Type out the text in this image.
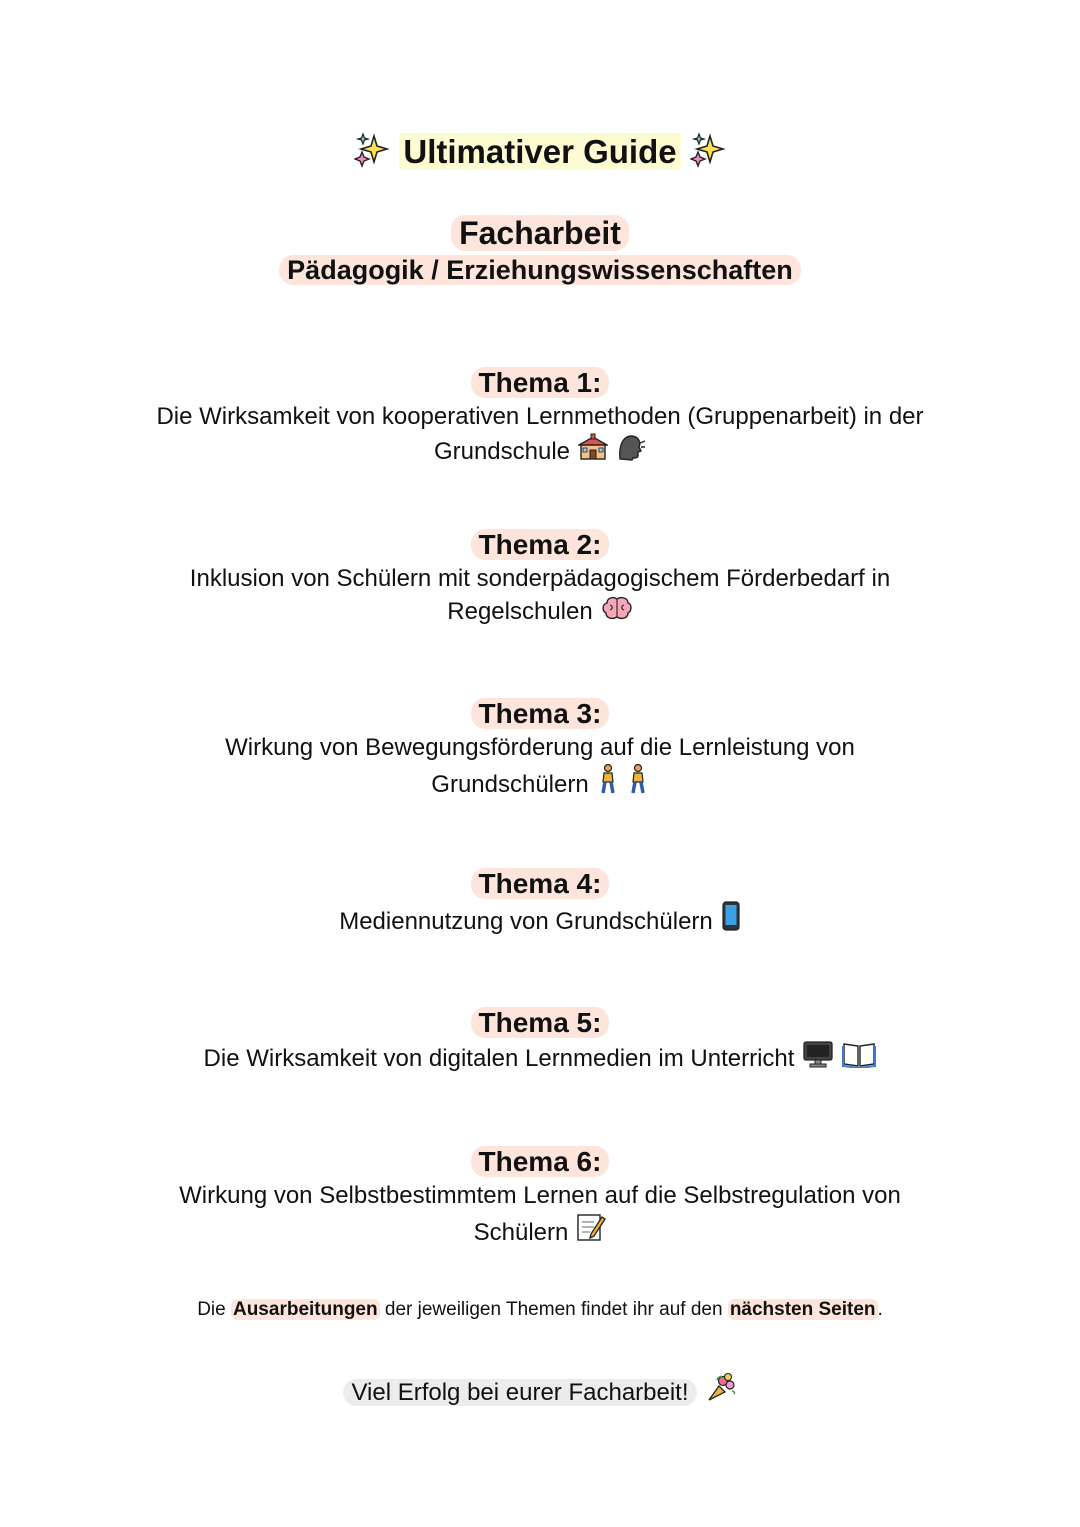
Ultimativer Guide
Facharbeit
Pädagogik / Erziehungswissenschaften
Thema 1:
Die Wirksamkeit von kooperativen Lernmethoden (Gruppenarbeit) in der
Grundschule
Thema 2:
Inklusion von Schülern mit sonderpädagogischem Förderbedarf in
Regelschulen
Thema 3:
Wirkung von Bewegungsförderung auf die Lernleistung von
Grundschülern
Thema 4:
Mediennutzung von Grundschülern
Thema 5:
Die Wirksamkeit von digitalen Lernmedien im Unterricht
Thema 6:
Wirkung von Selbstbestimmtem Lernen auf die Selbstregulation von
Schülern
Die Ausarbeitungen der jeweiligen Themen findet ihr auf den nächsten Seiten .
Viel Erfolg bei eurer Facharbeit!
